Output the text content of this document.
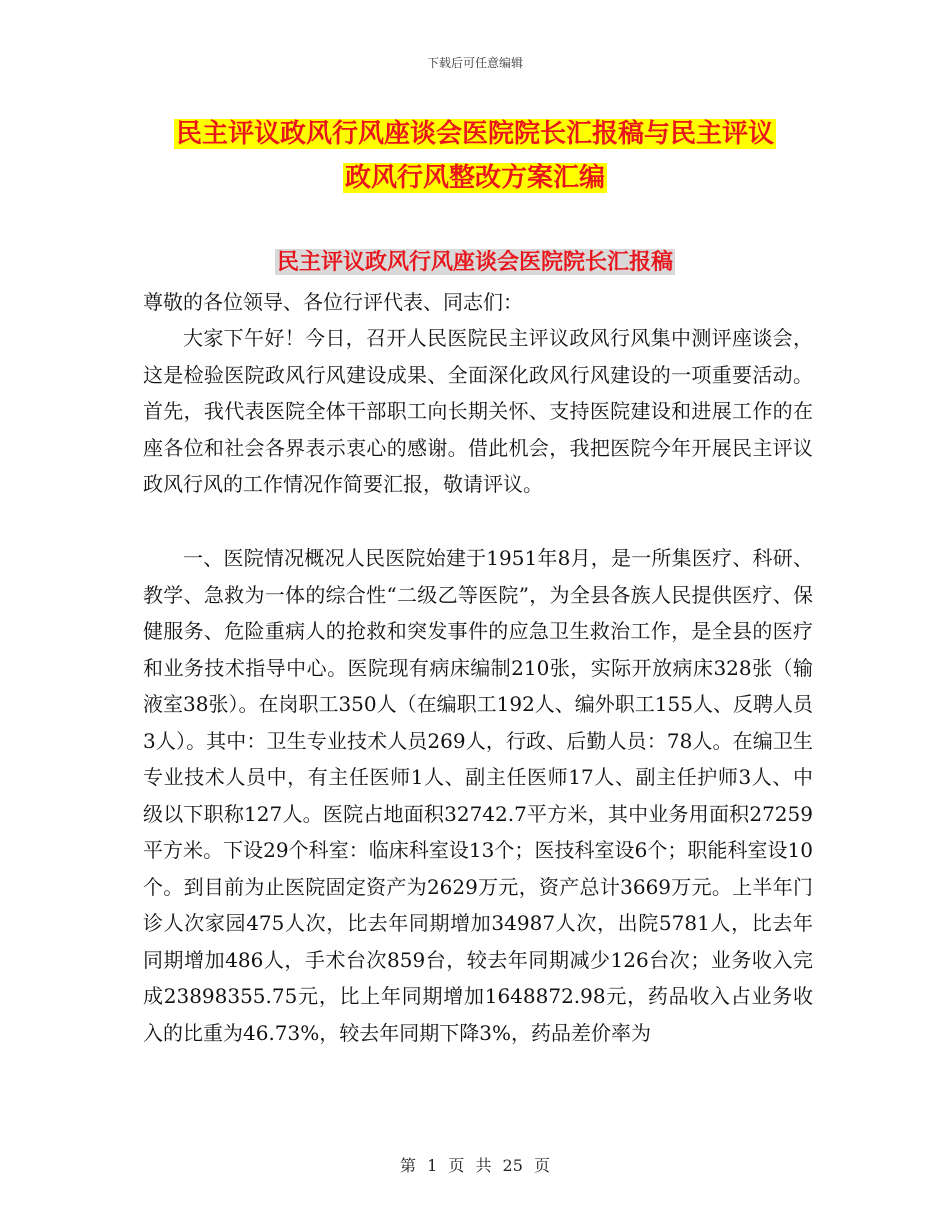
下载后可任意编辑
民主评议政风行风座谈会医院院长汇报稿与民主评议
政风行风整改方案汇编
民主评议政风行风座谈会医院院长汇报稿
尊敬的各位领导、各位行评代表、同志们：
大家下午好！今日，召开人民医院民主评议政风行风集中测评座谈会，这是检验医院政风行风建设成果、全面深化政风行风建设的一项重要活动。首先，我代表医院全体干部职工向长期关怀、支持医院建设和进展工作的在座各位和社会各界表示衷心的感谢。借此机会，我把医院今年开展民主评议政风行风的工作情况作简要汇报，敬请评议。
一、医院情况概况人民医院始建于1951年8月，是一所集医疗、科研、教学、急救为一体的综合性“二级乙等医院”，为全县各族人民提供医疗、保健服务、危险重病人的抢救和突发事件的应急卫生救治工作，是全县的医疗和业务技术指导中心。医院现有病床编制210张，实际开放病床328张（输液室38张）。在岗职工350人（在编职工192人、编外职工155人、反聘人员3人）。其中：卫生专业技术人员269人，行政、后勤人员：78人。在编卫生专业技术人员中，有主任医师1人、副主任医师17人、副主任护师3人、中级以下职称127人。医院占地面积32742.7平方米，其中业务用面积27259平方米。下设29个科室：临床科室设13个；医技科室设6个；职能科室设10个。到目前为止医院固定资产为2629万元，资产总计3669万元。上半年门诊人次家园475人次，比去年同期增加34987人次，出院5781人，比去年同期增加486人，手术台次859台，较去年同期减少126台次；业务收入完成23898355.75元，比上年同期增加1648872.98元，药品收入占业务收入的比重为46.73%，较去年同期下降3%，药品差价率为
第 1 页 共 25 页
